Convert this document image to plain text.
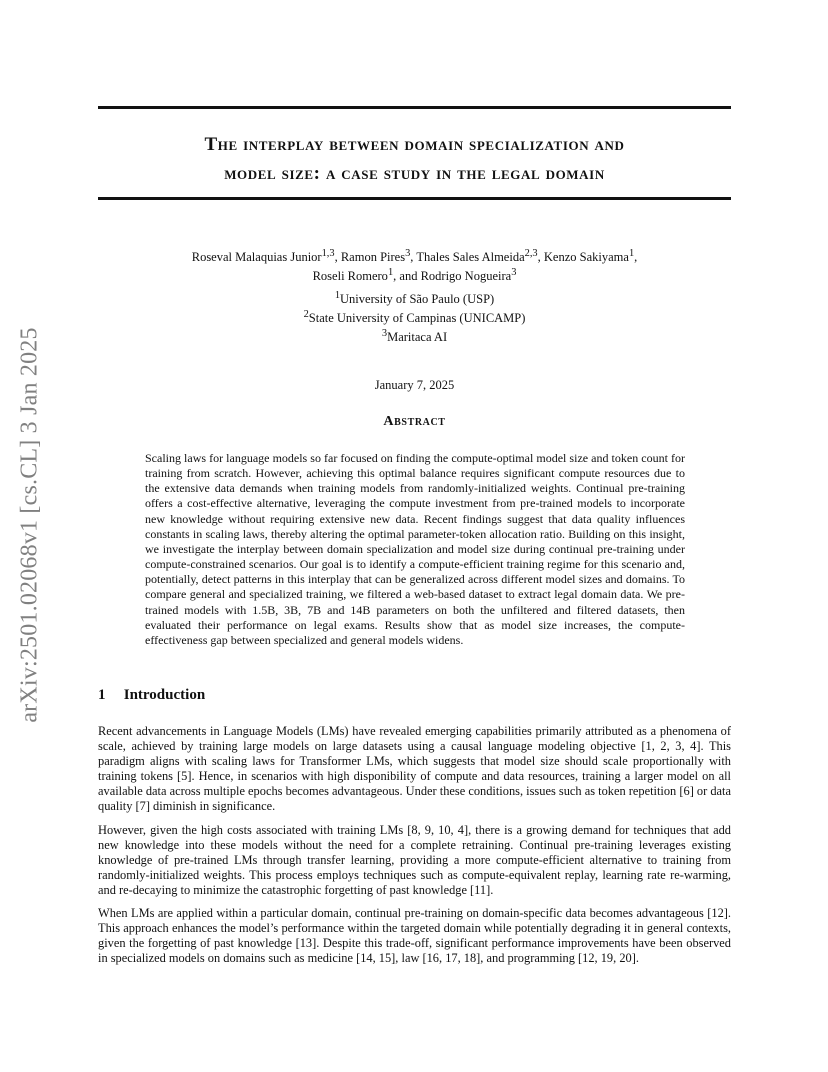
arXiv:2501.02068v1 [cs.CL] 3 Jan 2025
The interplay between domain specialization and
model size: a case study in the legal domain
Roseval Malaquias Junior$^{1,3}$, Ramon Pires$^3$, Thales Sales Almeida$^{2,3}$, Kenzo Sakiyama$^1$,
Roseli Romero$^1$, and Rodrigo Nogueira$^3$
$^1$University of São Paulo (USP)
$^2$State University of Campinas (UNICAMP)
$^3$Maritaca AI
January 7, 2025
Abstract

Scaling laws for language models so far focused on finding the compute-optimal model size and token count for training from scratch. However, achieving this optimal balance requires significant compute resources due to the extensive data demands when training models from randomly-initialized weights. Continual pre-training offers a cost-effective alternative, leveraging the compute investment from pre-trained models to incorporate new knowledge without requiring extensive new data. Recent findings suggest that data quality influences constants in scaling laws, thereby altering the optimal parameter-token allocation ratio. Building on this insight, we investigate the interplay between domain specialization and model size during continual pre-training under compute-constrained scenarios. Our goal is to identify a compute-efficient training regime for this scenario and, potentially, detect patterns in this interplay that can be generalized across different model sizes and domains. To compare general and specialized training, we filtered a web-based dataset to extract legal domain data. We pre-trained models with 1.5B, 3B, 7B and 14B parameters on both the unfiltered and filtered datasets, then evaluated their performance on legal exams. Results show that as model size increases, the compute-effectiveness gap between specialized and general models widens.

1 Introduction

Recent advancements in Language Models (LMs) have revealed emerging capabilities primarily attributed as a phenomena of scale, achieved by training large models on large datasets using a causal language modeling objective [1, 2, 3, 4]. This paradigm aligns with scaling laws for Transformer LMs, which suggests that model size should scale proportionally with training tokens [5]. Hence, in scenarios with high disponibility of compute and data resources, training a larger model on all available data across multiple epochs becomes advantageous. Under these conditions, issues such as token repetition [6] or data quality [7] diminish in significance.

However, given the high costs associated with training LMs [8, 9, 10, 4], there is a growing demand for techniques that add new knowledge into these models without the need for a complete retraining. Continual pre-training leverages existing knowledge of pre-trained LMs through transfer learning, providing a more compute-efficient alternative to training from randomly-initialized weights. This process employs techniques such as compute-equivalent replay, learning rate re-warming, and re-decaying to minimize the catastrophic forgetting of past knowledge [11].

When LMs are applied within a particular domain, continual pre-training on domain-specific data becomes advantageous [12]. This approach enhances the model’s performance within the targeted domain while potentially degrading it in general contexts, given the forgetting of past knowledge [13]. Despite this trade-off, significant performance improvements have been observed in specialized models on domains such as medicine [14, 15], law [16, 17, 18], and programming [12, 19, 20].
